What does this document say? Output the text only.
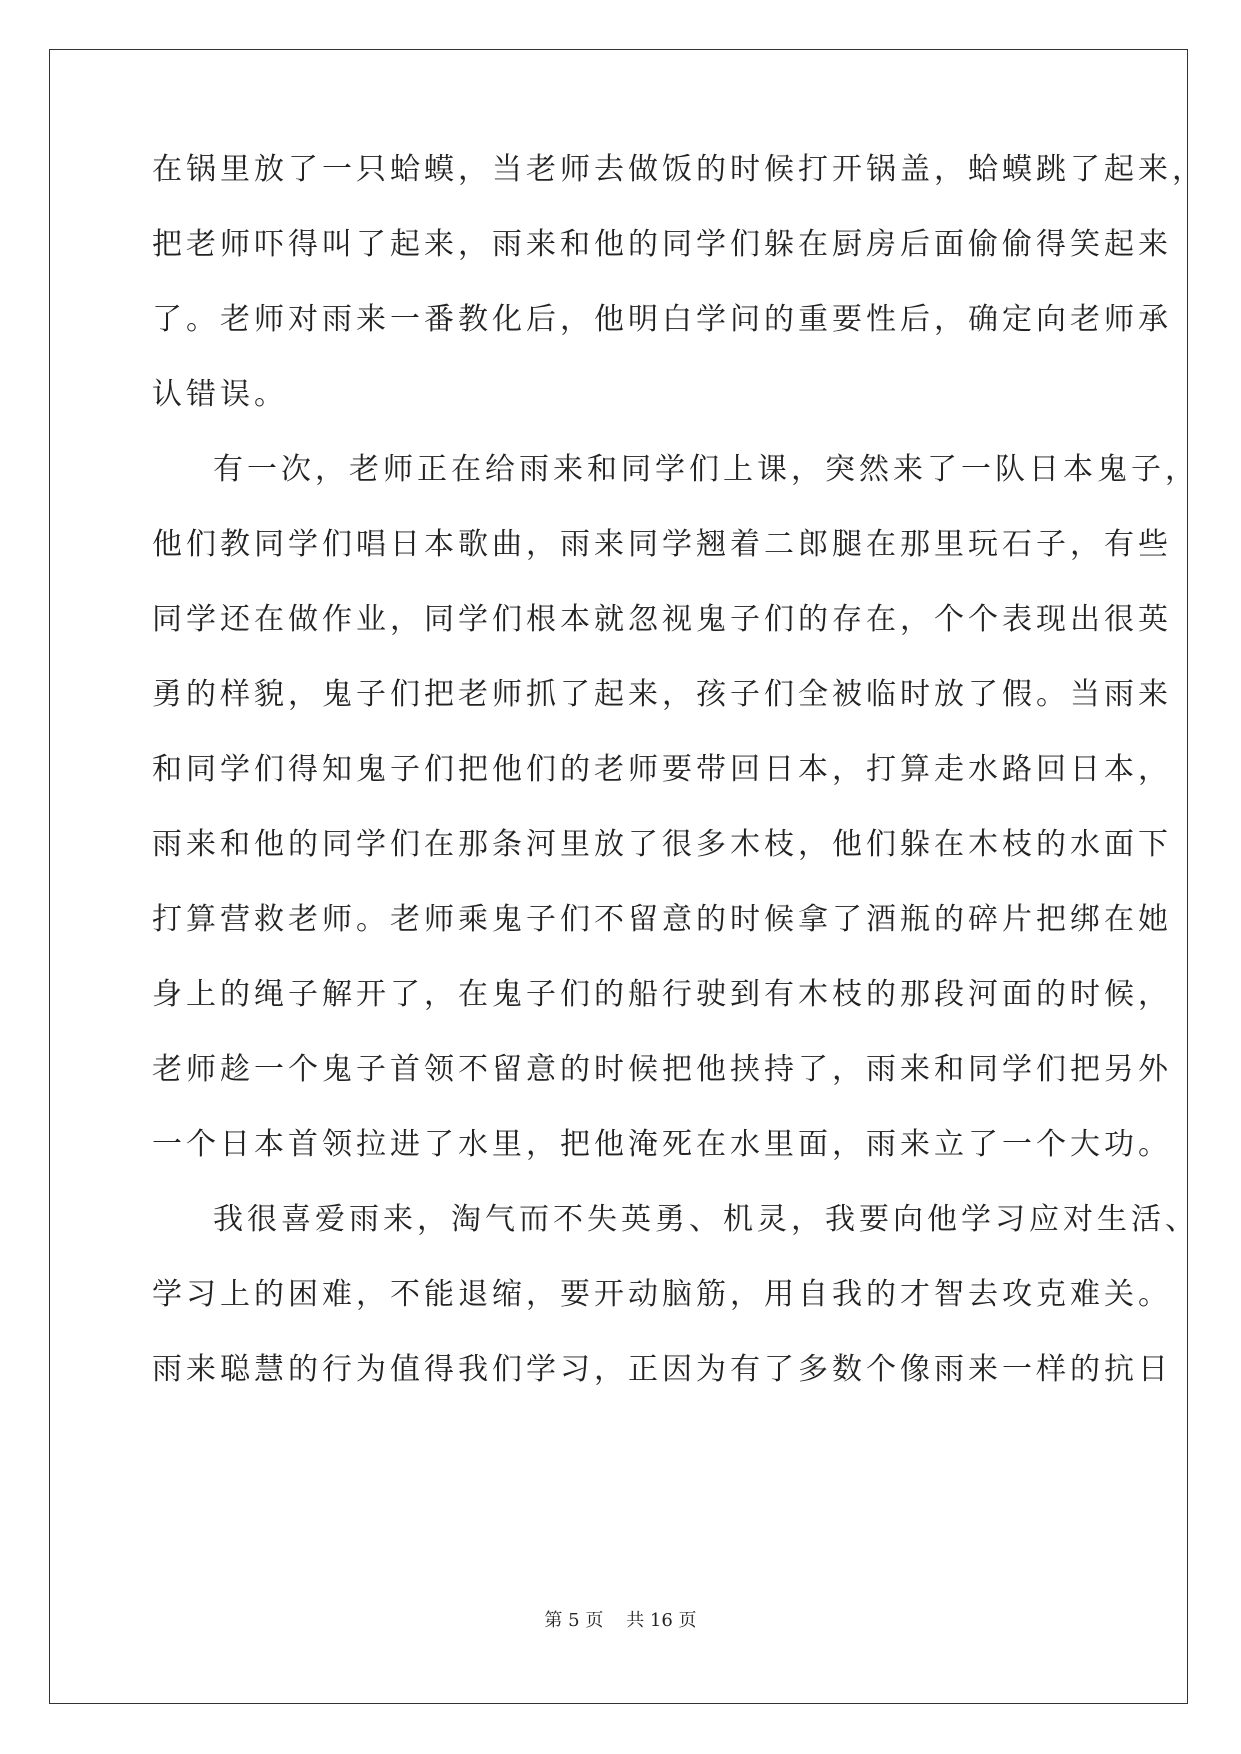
在锅里放了一只蛤蟆，当老师去做饭的时候打开锅盖，蛤蟆跳了起来，
把老师吓得叫了起来，雨来和他的同学们躲在厨房后面偷偷得笑起来
了。老师对雨来一番教化后，他明白学问的重要性后，确定向老师承
认错误。
有一次，老师正在给雨来和同学们上课，突然来了一队日本鬼子，
他们教同学们唱日本歌曲，雨来同学翘着二郎腿在那里玩石子，有些
同学还在做作业，同学们根本就忽视鬼子们的存在，个个表现出很英
勇的样貌，鬼子们把老师抓了起来，孩子们全被临时放了假。当雨来
和同学们得知鬼子们把他们的老师要带回日本，打算走水路回日本，
雨来和他的同学们在那条河里放了很多木枝，他们躲在木枝的水面下
打算营救老师。老师乘鬼子们不留意的时候拿了酒瓶的碎片把绑在她
身上的绳子解开了，在鬼子们的船行驶到有木枝的那段河面的时候，
老师趁一个鬼子首领不留意的时候把他挟持了，雨来和同学们把另外
一个日本首领拉进了水里，把他淹死在水里面，雨来立了一个大功。
我很喜爱雨来，淘气而不失英勇、机灵，我要向他学习应对生活、
学习上的困难，不能退缩，要开动脑筋，用自我的才智去攻克难关。
雨来聪慧的行为值得我们学习，正因为有了多数个像雨来一样的抗日
第 5 页    共 16 页
